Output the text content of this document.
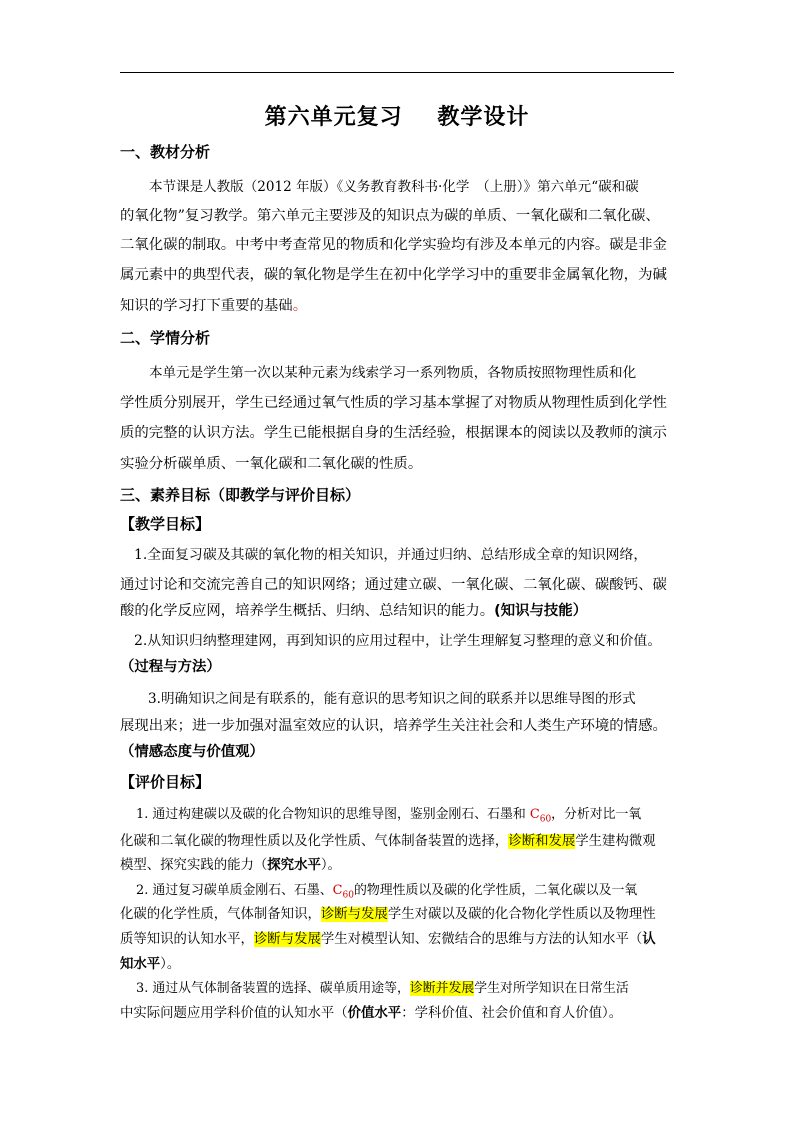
第六单元复习 教学设计
一、教材分析
本节课是人教版（2012 年版）《义务教育教科书·化学　（上册）》第六单元“碳和碳
的氧化物”复习教学。第六单元主要涉及的知识点为碳的单质、一氧化碳和二氧化碳、
二氧化碳的制取。中考中考查常见的物质和化学实验均有涉及本单元的内容。碳是非金
属元素中的典型代表，碳的氧化物是学生在初中化学学习中的重要非金属氧化物，为碱
知识的学习打下重要的基础。
二、学情分析
本单元是学生第一次以某种元素为线索学习一系列物质，各物质按照物理性质和化
学性质分别展开，学生已经通过氧气性质的学习基本掌握了对物质从物理性质到化学性
质的完整的认识方法。学生已能根据自身的生活经验，根据课本的阅读以及教师的演示
实验分析碳单质、一氧化碳和二氧化碳的性质。
三、素养目标（即教学与评价目标）
【教学目标】
1.全面复习碳及其碳的氧化物的相关知识，并通过归纳、总结形成全章的知识网络，
通过讨论和交流完善自己的知识网络；通过建立碳、一氧化碳、二氧化碳、碳酸钙、碳
酸的化学反应网，培养学生概括、归纳、总结知识的能力。(知识与技能）
2.从知识归纳整理建网，再到知识的应用过程中，让学生理解复习整理的意义和价值。
（过程与方法）
3.明确知识之间是有联系的，能有意识的思考知识之间的联系并以思维导图的形式
展现出来；进一步加强对温室效应的认识，培养学生关注社会和人类生产环境的情感。
（情感态度与价值观）
【评价目标】
1. 通过构建碳以及碳的化合物知识的思维导图，鉴别金刚石、石墨和 $C_{60}$，分析对比一氧
化碳和二氧化碳的物理性质以及化学性质、气体制备装置的选择，诊断和发展学生建构微观
模型、探究实践的能力（探究水平）。
2. 通过复习碳单质金刚石、石墨、$C_{60}$的物理性质以及碳的化学性质，二氧化碳以及一氧
化碳的化学性质，气体制备知识，诊断与发展学生对碳以及碳的化合物化学性质以及物理性
质等知识的认知水平，诊断与发展学生对模型认知、宏微结合的思维与方法的认知水平（认
知水平）。
3. 通过从气体制备装置的选择、碳单质用途等，诊断并发展学生对所学知识在日常生活
中实际问题应用学科价值的认知水平（价值水平：学科价值、社会价值和育人价值）。
